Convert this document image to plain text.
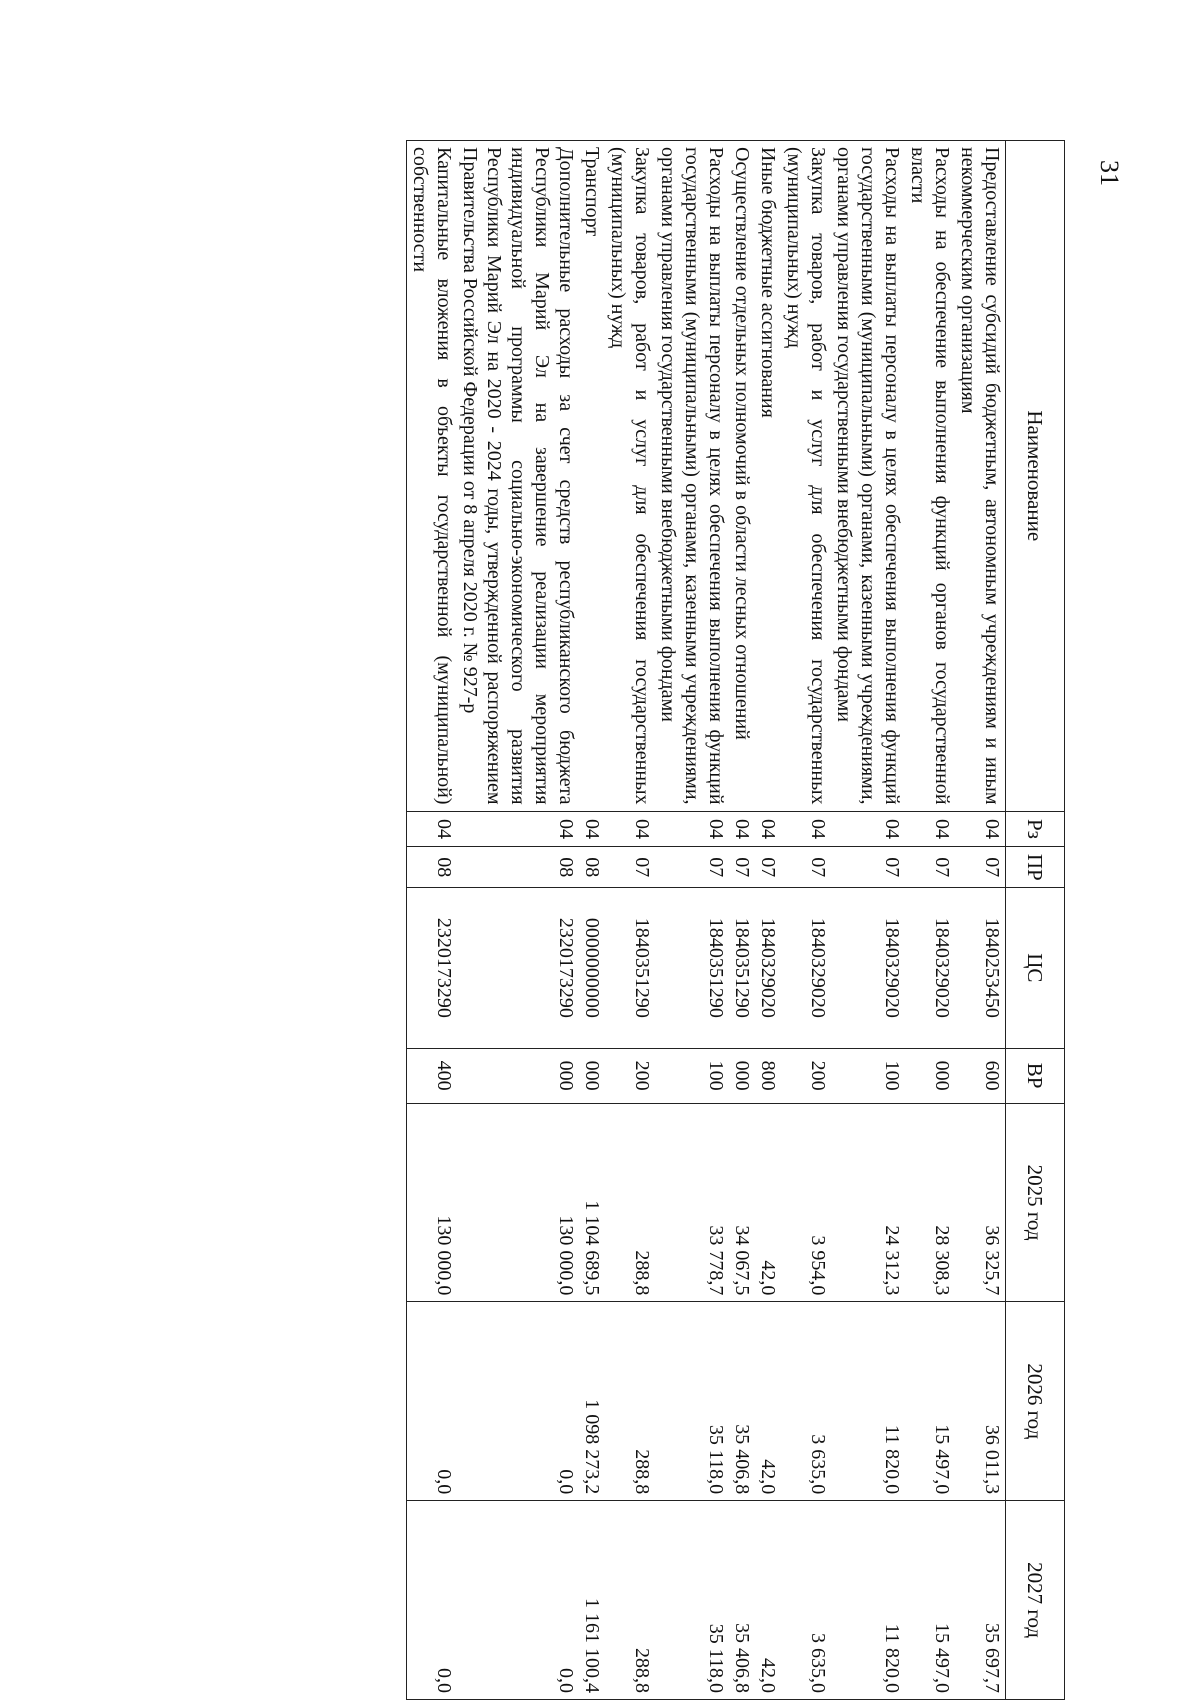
31
Наименование	Рз	ПР	ЦС	ВР	2025 год	2026 год	2027 год
Предоставление субсидий бюджетным, автономным учреждениям и иным некоммерческим организациям	04	07	1840253450	600	36 325,7	36 011,3	35 697,7
Расходы на обеспечение выполнения функций органов государственной власти	04	07	1840329020	000	28 308,3	15 497,0	15 497,0
Расходы на выплаты персоналу в целях обеспечения выполнения функций государственными (муниципальными) органами, казенными учреждениями, органами управления государственными внебюджетными фондами	04	07	1840329020	100	24 312,3	11 820,0	11 820,0
Закупка товаров, работ и услуг для обеспечения государственных (муниципальных) нужд	04	07	1840329020	200	3 954,0	3 635,0	3 635,0
Иные бюджетные ассигнования	04	07	1840329020	800	42,0	42,0	42,0
Осуществление отдельных полномочий в области лесных отношений	04	07	1840351290	000	34 067,5	35 406,8	35 406,8
Расходы на выплаты персоналу в целях обеспечения выполнения функций государственными (муниципальными) органами, казенными учреждениями, органами управления государственными внебюджетными фондами	04	07	1840351290	100	33 778,7	35 118,0	35 118,0
Закупка товаров, работ и услуг для обеспечения государственных (муниципальных) нужд	04	07	1840351290	200	288,8	288,8	288,8
Транспорт	04	08	0000000000	000	1 104 689,5	1 098 273,2	1 161 100,4
Дополнительные расходы за счет средств республиканского бюджета Республики Марий Эл на завершение реализации мероприятия индивидуальной программы социально-экономического развития Республики Марий Эл на 2020 - 2024 годы, утвержденной распоряжением Правительства Российской Федерации от 8 апреля 2020 г. № 927-р	04	08	2320173290	000	130 000,0	0,0	0,0
Капитальные вложения в объекты государственной (муниципальной) собственности	04	08	2320173290	400	130 000,0	0,0	0,0
